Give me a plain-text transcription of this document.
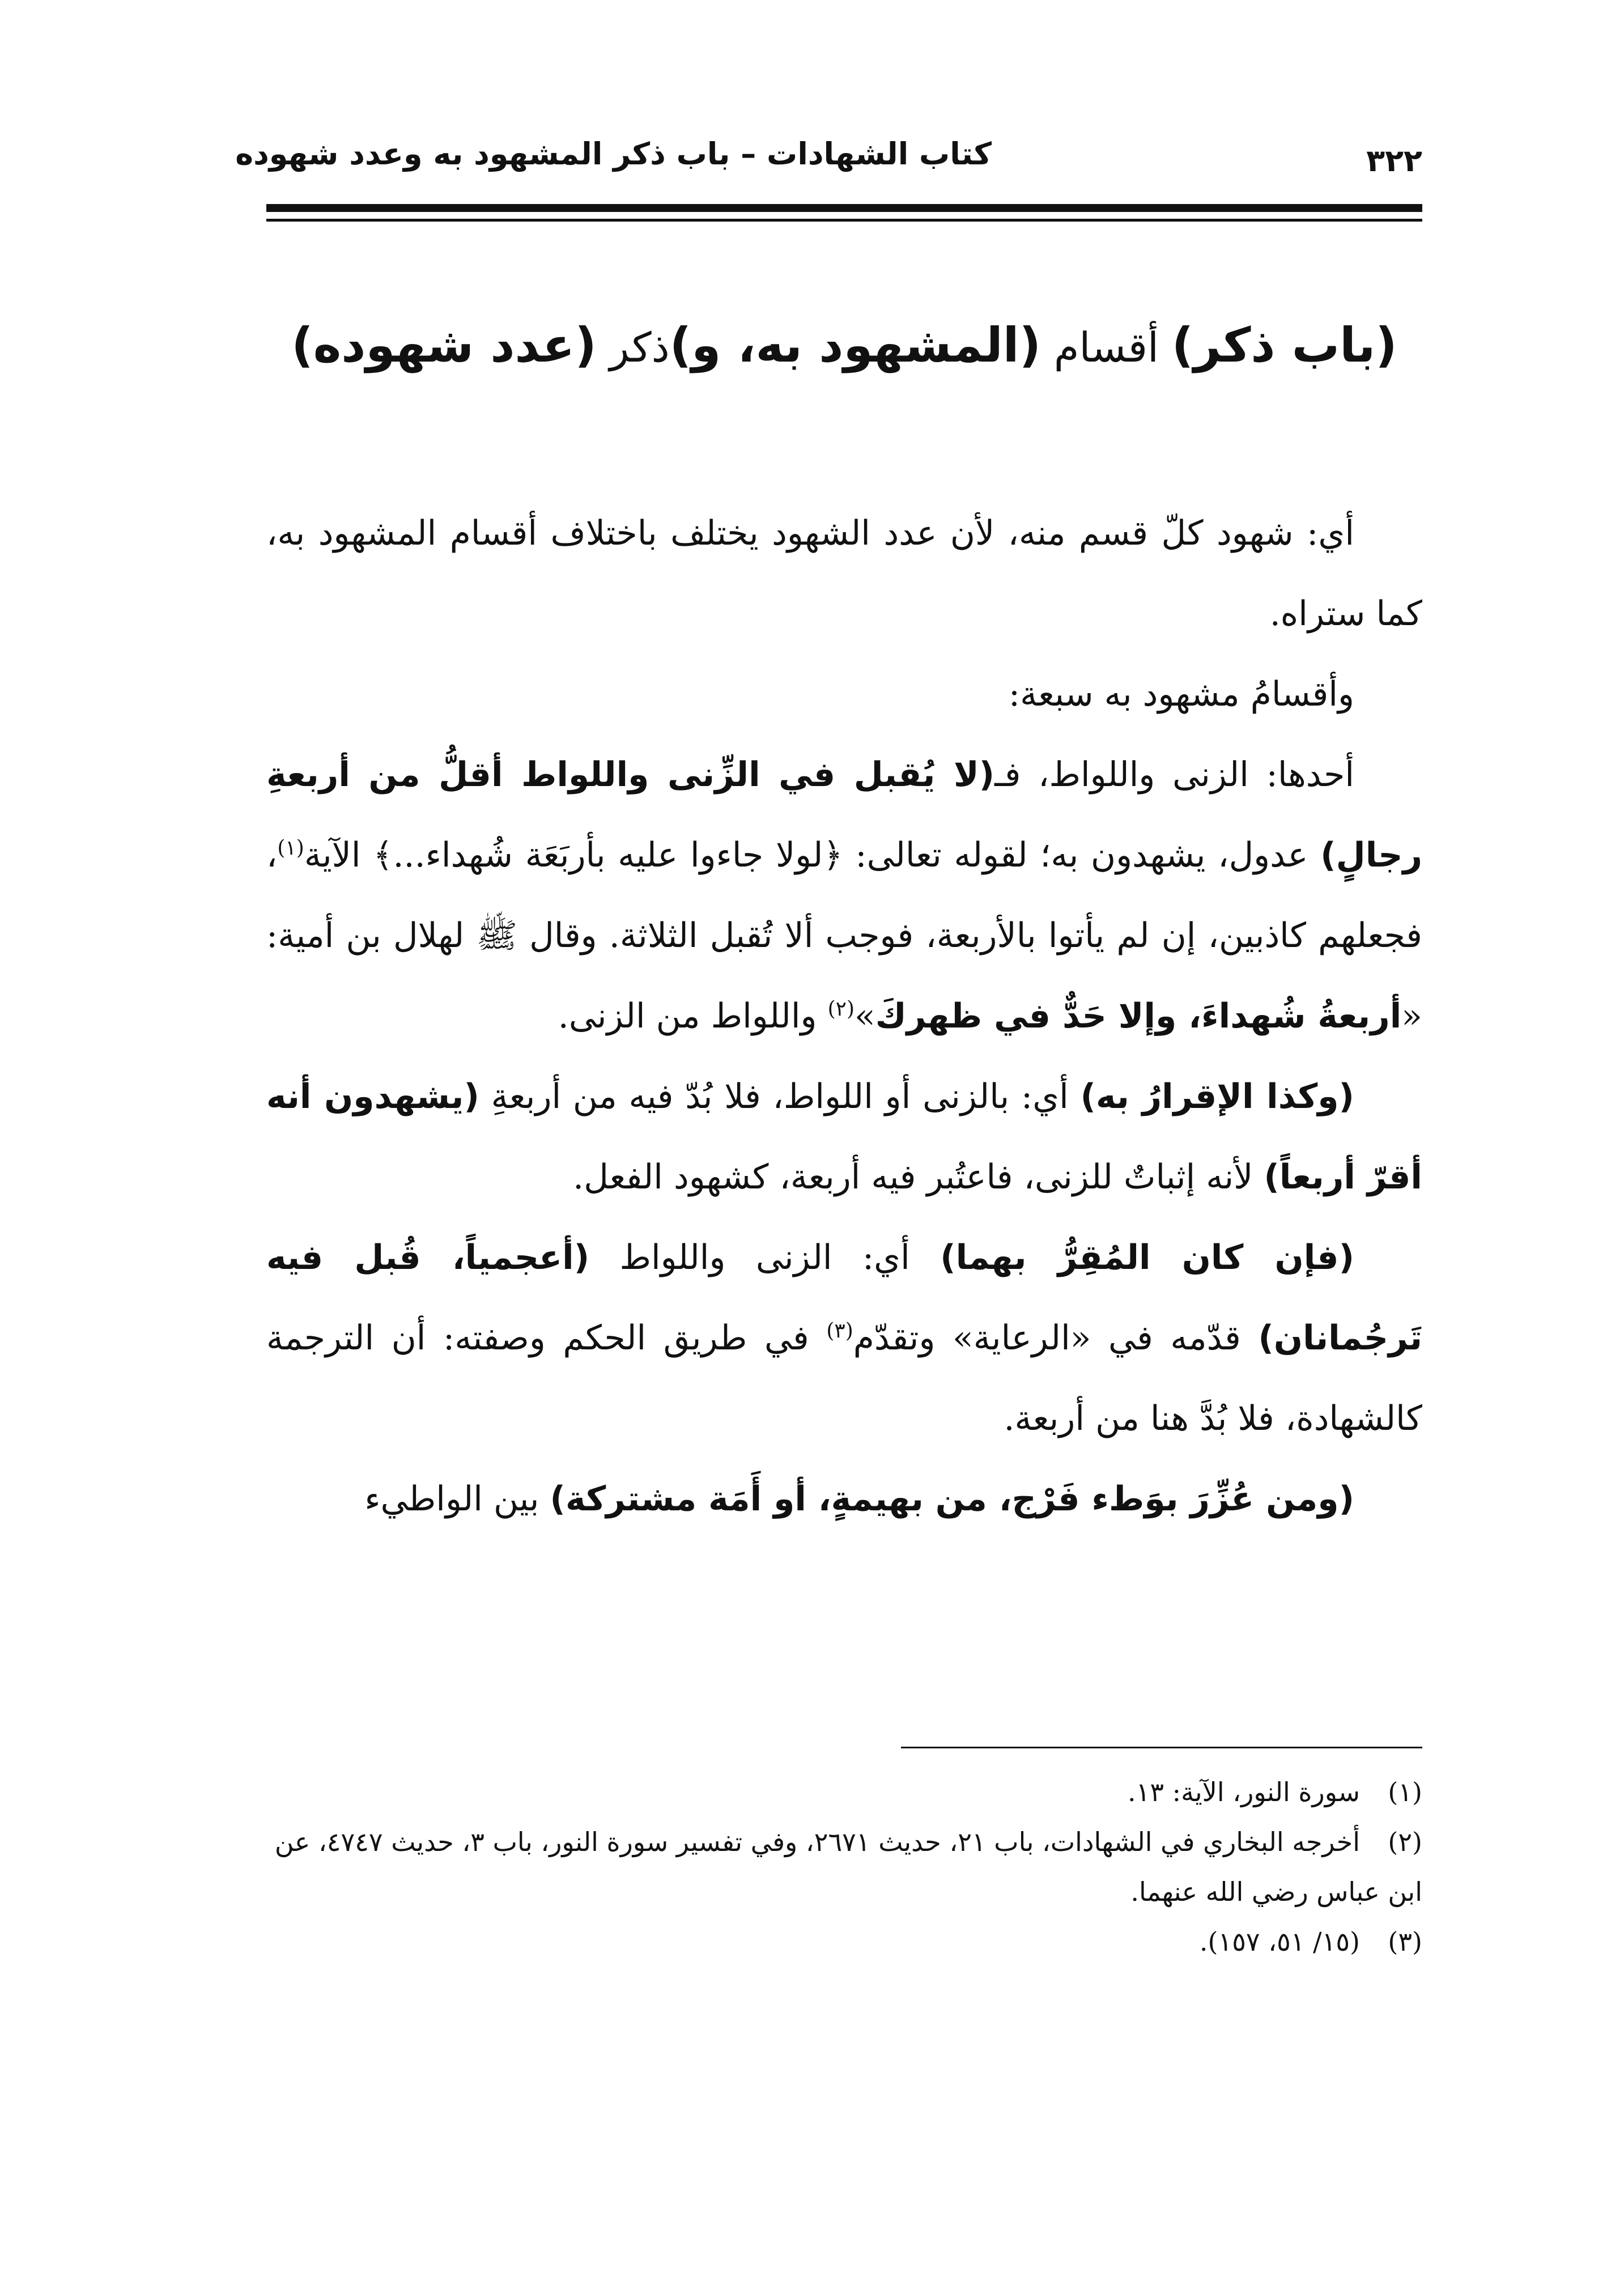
كتاب الشهادات – باب ذكر المشهود به وعدد شهوده	٣٢٢
(باب ذكر) أقسام (المشهود به، و)ذكر (عدد شهوده)

أي: شهود كلّ قسم منه، لأن عدد الشهود يختلف باختلاف أقسام المشهود به، كما ستراه.

وأقسامُ مشهود به سبعة:

أحدها: الزنى واللواط، فـ(لا يُقبل في الزِّنى واللواط أقلُّ من أربعةِ رجالٍ) عدول، يشهدون به؛ لقوله تعالى: ﴿لولا جاءوا عليه بأربَعَة شُهداء...﴾ الآية$^{(١)}$، فجعلهم كاذبين، إن لم يأتوا بالأربعة، فوجب ألا تُقبل الثلاثة. وقال ﷺ لهلال بن أمية: «أربعةُ شُهداءَ، وإلا حَدٌّ في ظهركَ»$^{(٢)}$ واللواط من الزنى.

(وكذا الإقرارُ به) أي: بالزنى أو اللواط، فلا بُدّ فيه من أربعةِ (يشهدون أنه أقرّ أربعاً) لأنه إثباتٌ للزنى، فاعتُبر فيه أربعة، كشهود الفعل.

(فإن كان المُقِرُّ بهما) أي: الزنى واللواط (أعجمياً، قُبل فيه تَرجُمانان) قدّمه في «الرعاية» وتقدّم$^{(٣)}$ في طريق الحكم وصفته: أن الترجمة كالشهادة، فلا بُدَّ هنا من أربعة.

(ومن عُزِّرَ بوَطء فَرْج، من بهيمةٍ، أو أَمَة مشتركة) بين الواطيء

(١)سورة النور، الآية: ١٣.

(٢)أخرجه البخاري في الشهادات، باب ٢١، حديث ٢٦٧١، وفي تفسير سورة النور، باب ٣، حديث ٤٧٤٧، عن ابن عباس رضي الله عنهما.

(٣)(١٥/ ٥١، ١٥٧).
